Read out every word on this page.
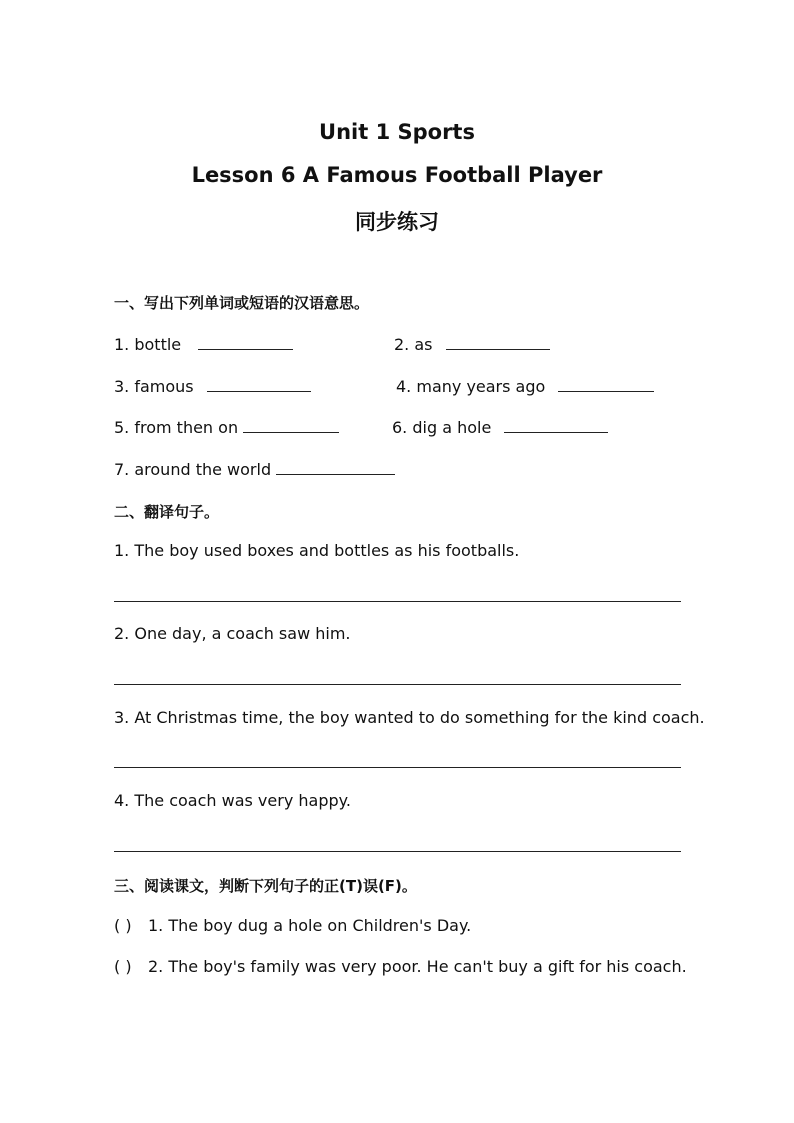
Unit 1 Sports
Lesson 6 A Famous Football Player
同步练习
一、写出下列单词或短语的汉语意思。
1. bottle	2. as
3. famous	4. many years ago
5. from then on	6. dig a hole
7. around the world
二、翻译句子。
1. The boy used boxes and bottles as his footballs.
2. One day, a coach saw him.
3. At Christmas time, the boy wanted to do something for the kind coach.
4. The coach was very happy.
三、阅读课文，判断下列句子的正(T)误(F)。
( ) 1. The boy dug a hole on Children's Day.
( ) 2. The boy's family was very poor. He can't buy a gift for his coach.
